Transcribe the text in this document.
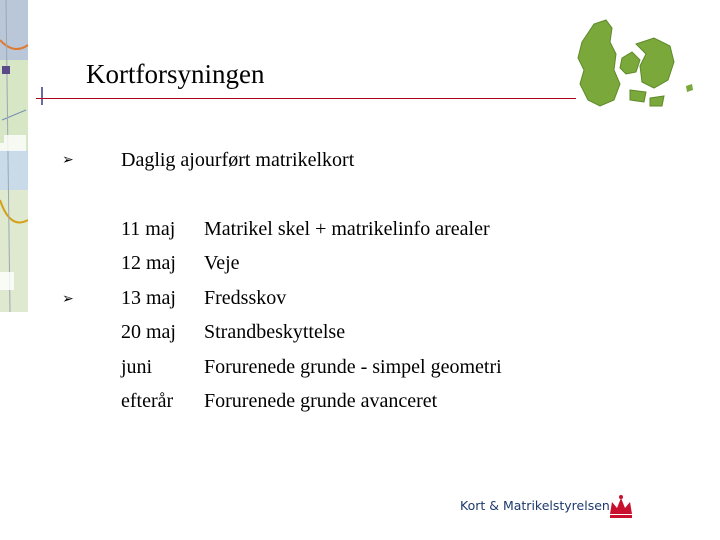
Kortforsyningen
➢ Daglig ajourført matrikelkort
➢
11 maj	Matrikel skel + matrikelinfo arealer
12 maj	Veje
13 maj	Fredsskov
20 maj	Strandbeskyttelse
juni	Forurenede grunde - simpel geometri
efterår	Forurenede grunde avanceret
Kort & Matrikelstyrelsen
